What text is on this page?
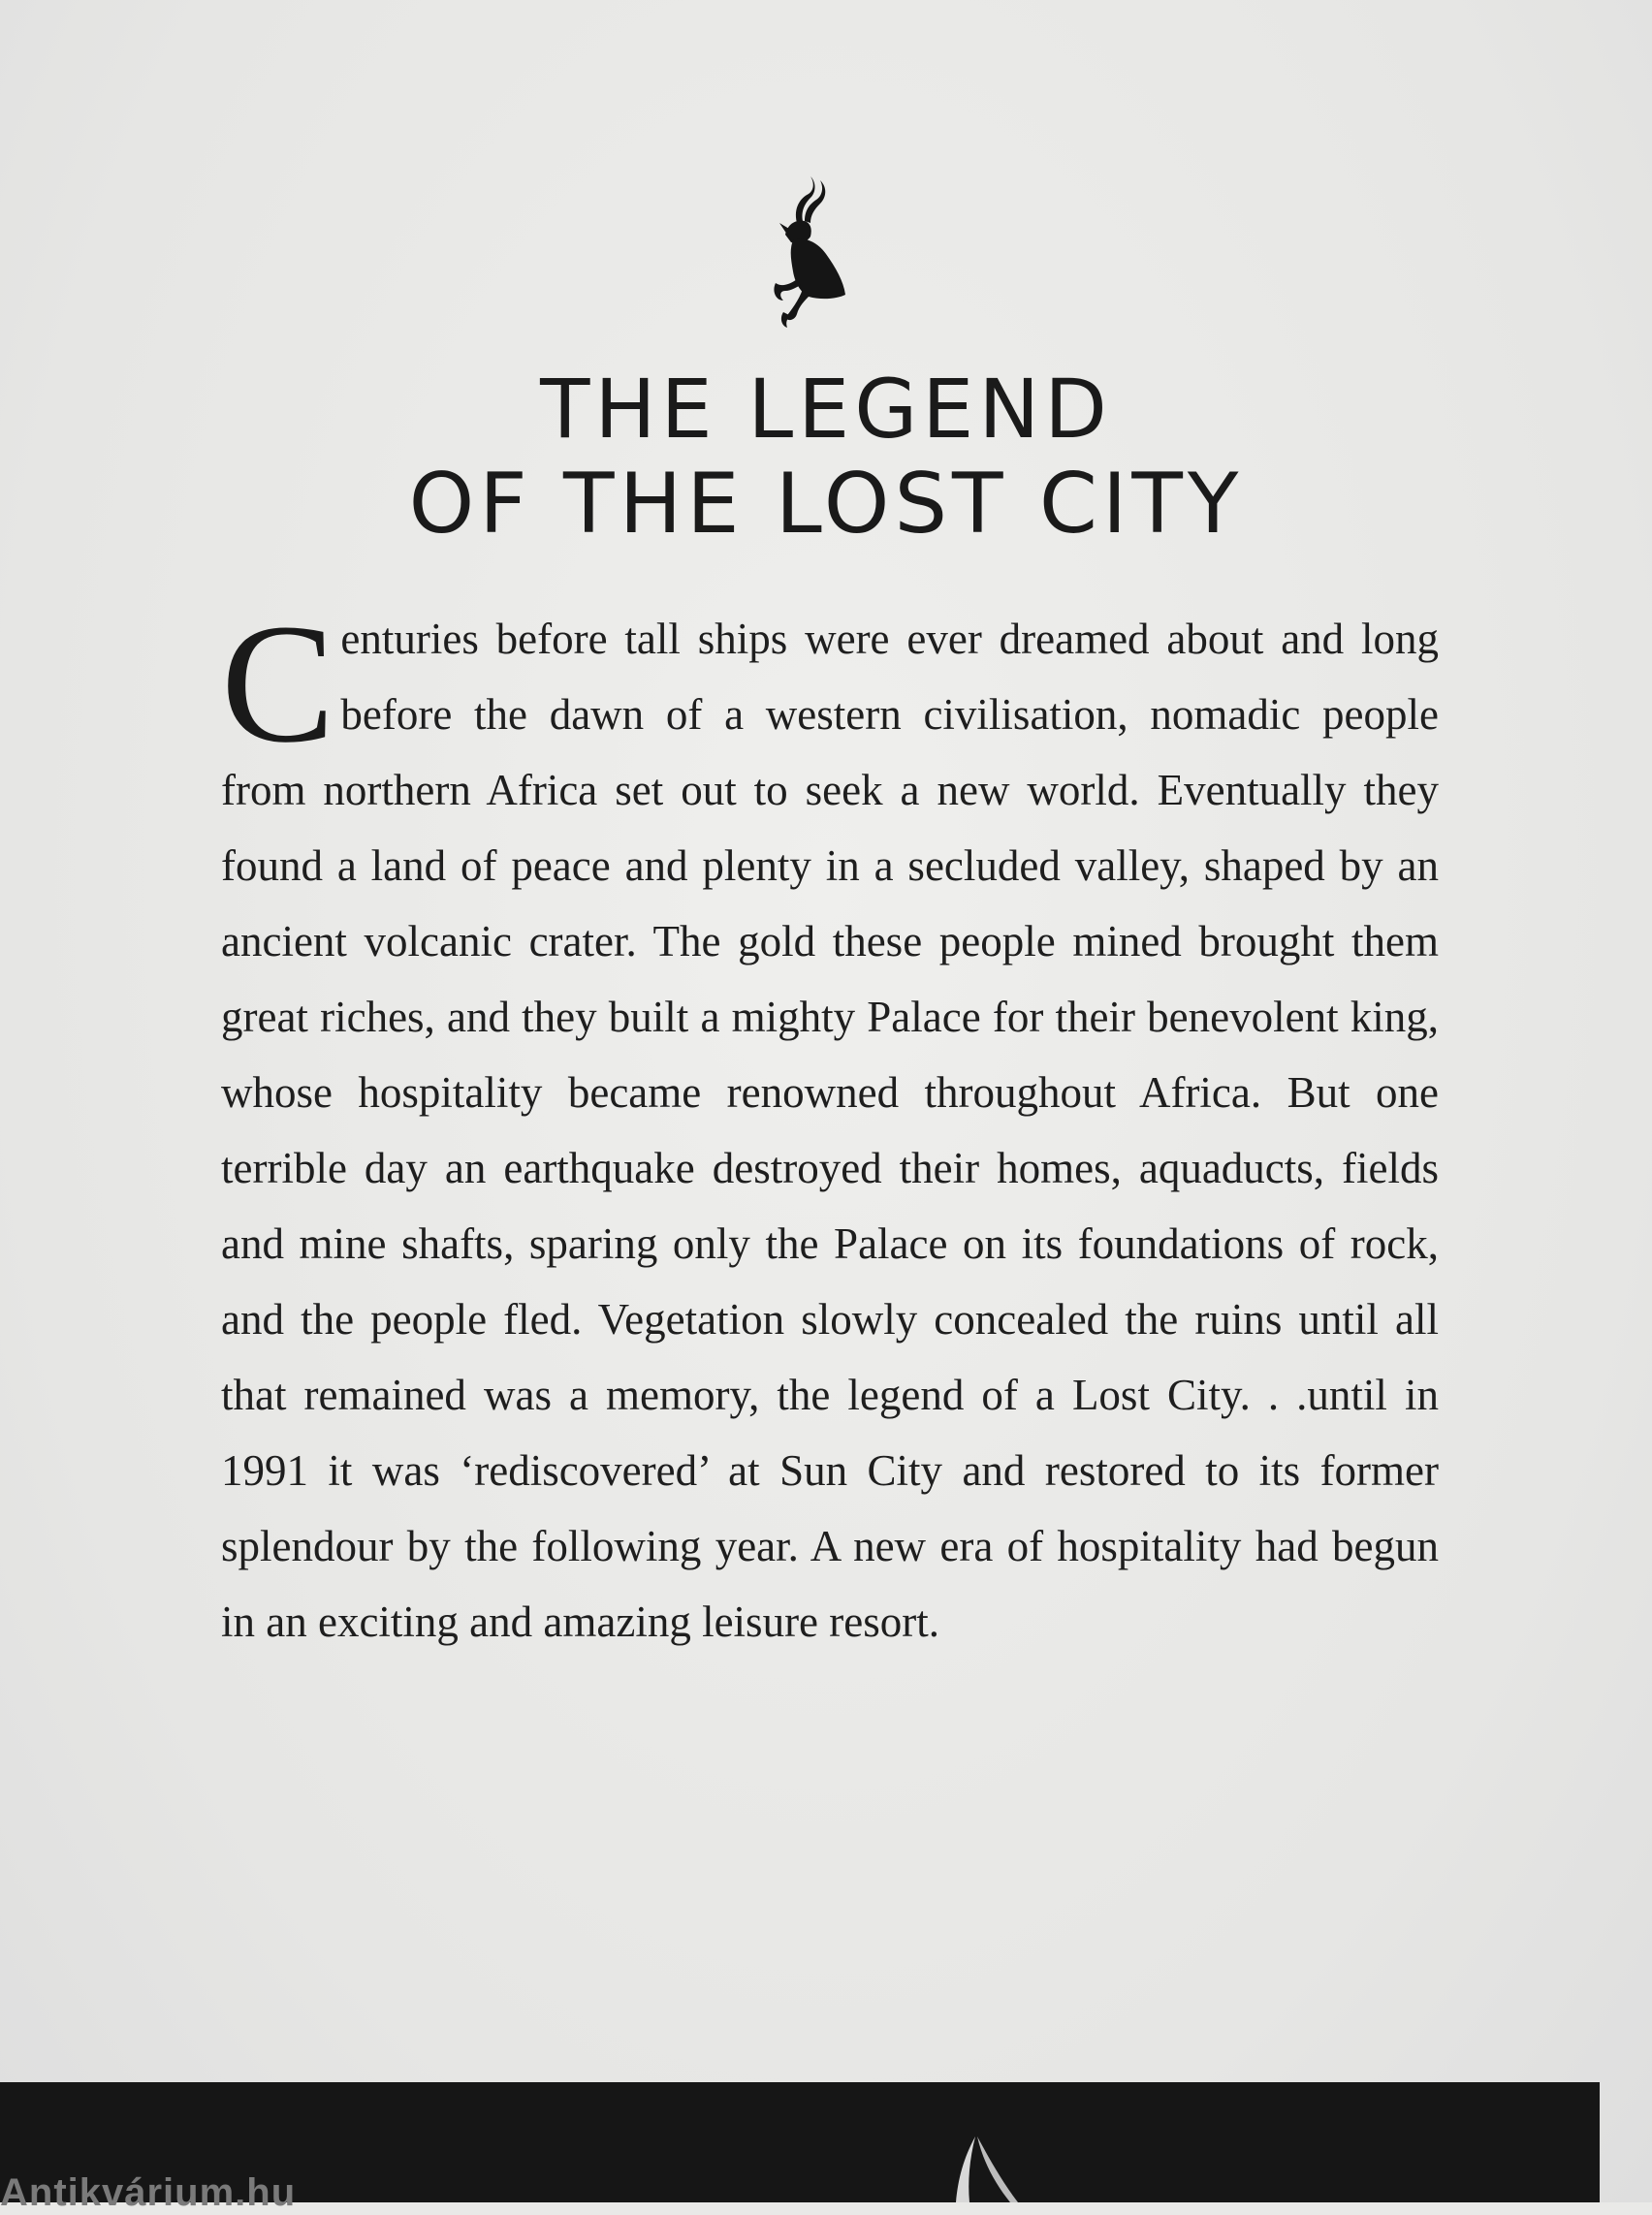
THE LEGEND
OF THE LOST CITY

Centuries before tall ships were ever dreamed about and long before the dawn of a western civilisation, nomadic people from northern Africa set out to seek a new world. Eventually they found a land of peace and plenty in a secluded valley, shaped by an ancient volcanic crater. The gold these people mined brought them great riches, and they built a mighty Palace for their benevolent king, whose hospitality became renowned throughout Africa. But one terrible day an earthquake destroyed their homes, aquaducts, fields and mine shafts, sparing only the Palace on its foundations of rock, and the people fled. Vegetation slowly concealed the ruins until all that remained was a memory, the legend of a Lost City. . .until in 1991 it was ‘rediscovered’ at Sun City and restored to its former splendour by the following year. A new era of hospitality had begun in an exciting and amazing leisure resort.

Antikvárium.hu
